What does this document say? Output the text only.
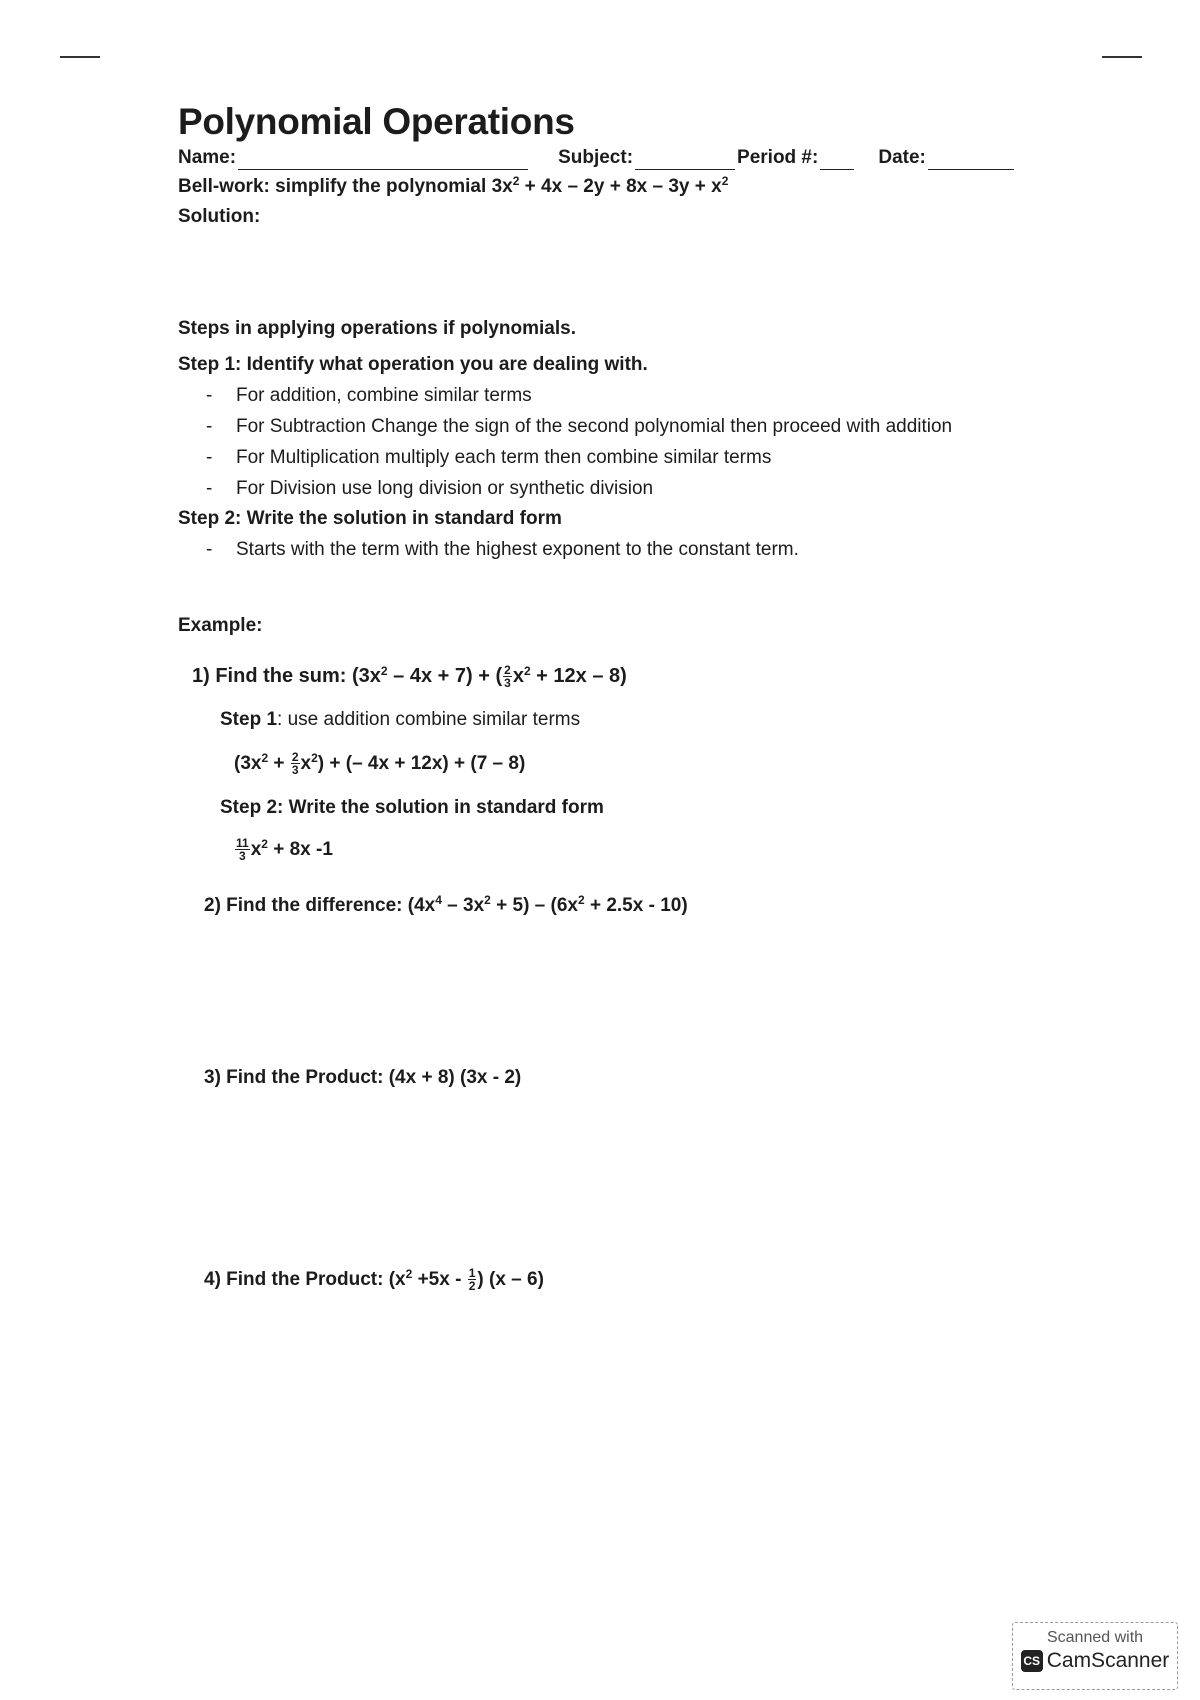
Polynomial Operations
Name:	Subject:	Period #:	Date:
Bell-work: simplify the polynomial $3x^2 + 4x - 2y + 8x - 3y + x^2$
Solution:
Steps in applying operations if polynomials.
Step 1: Identify what operation you are dealing with.
- For addition, combine similar terms
- For Subtraction Change the sign of the second polynomial then proceed with addition
- For Multiplication multiply each term then combine similar terms
- For Division use long division or synthetic division
Step 2: Write the solution in standard form
- Starts with the term with the highest exponent to the constant term.
Example:
1) Find the sum: $(3x^2 - 4x + 7)$ + ( $\frac{2}{3} x^2 + 12x - 8$)
Step 1: use addition combine similar terms
$(3x^2 + \frac{2}{3} x^2)$ + (– 4x + 12x) + (7 – 8)
Step 2: Write the solution in standard form
$\frac{11}{3} x^2 + 8x$ -1
2) Find the difference: $(4x^4 - 3x^2 + 5) - (6x^2 + 2.5x - 10)$
3) Find the Product: (4x + 8) (3x - 2)
4) Find the Product: ($x^2 +5x - \frac{1}{2}$ ) (x – 6)
Scanned with
CS CamScanner
